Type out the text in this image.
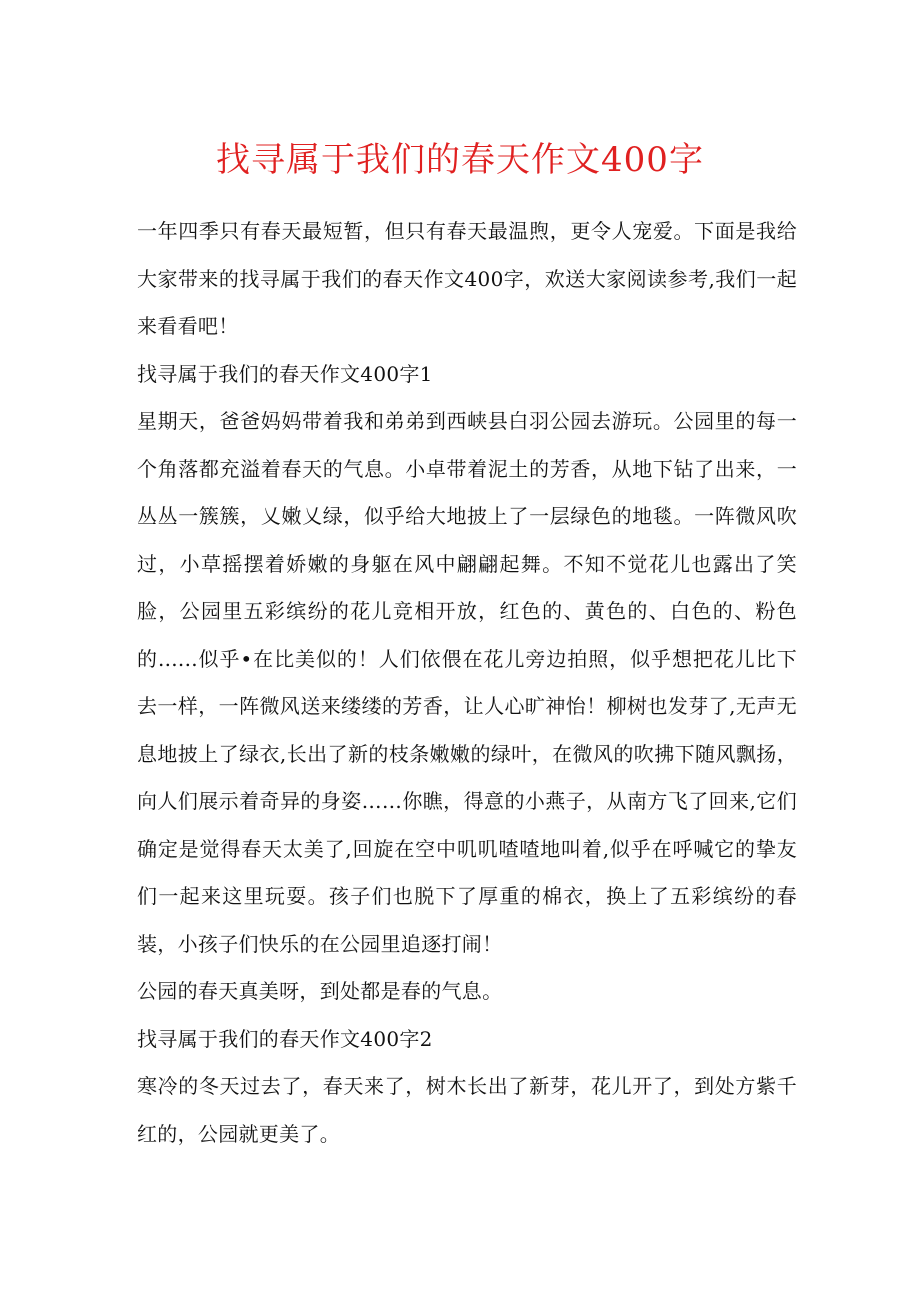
找寻属于我们的春天作文400字

一年四季只有春天最短暂，但只有春天最温煦，更令人宠爱。下面是我给大家带来的找寻属于我们的春天作文400字，欢送大家阅读参考,我们一起来看看吧！

找寻属于我们的春天作文400字1

星期天，爸爸妈妈带着我和弟弟到西峡县白羽公园去游玩。公园里的每一个角落都充溢着春天的气息。小卓带着泥土的芳香，从地下钻了出来，一丛丛一簇簇，乂嫩乂绿，似乎给大地披上了一层绿色的地毯。一阵微风吹过，小草摇摆着娇嫩的身躯在风中翩翩起舞。不知不觉花儿也露出了笑脸，公园里五彩缤纷的花儿竞相开放，红色的、黄色的、白色的、粉色的......似乎•在比美似的！人们依偎在花儿旁边拍照，似乎想把花儿比下去一样，一阵微风送来缕缕的芳香，让人心旷神怡！柳树也发芽了,无声无息地披上了绿衣,长出了新的枝条嫩嫩的绿叶，在微风的吹拂下随风飘扬，向人们展示着奇异的身姿……你瞧，得意的小燕子，从南方飞了回来,它们确定是觉得春天太美了,回旋在空中叽叽喳喳地叫着,似乎在呼喊它的挚友们一起来这里玩耍。孩子们也脱下了厚重的棉衣，换上了五彩缤纷的春装，小孩子们快乐的在公园里追逐打闹！

公园的春天真美呀，到处都是春的气息。

找寻属于我们的春天作文400字2

寒冷的冬天过去了，春天来了，树木长出了新芽，花儿开了，到处方紫千红的，公园就更美了。
